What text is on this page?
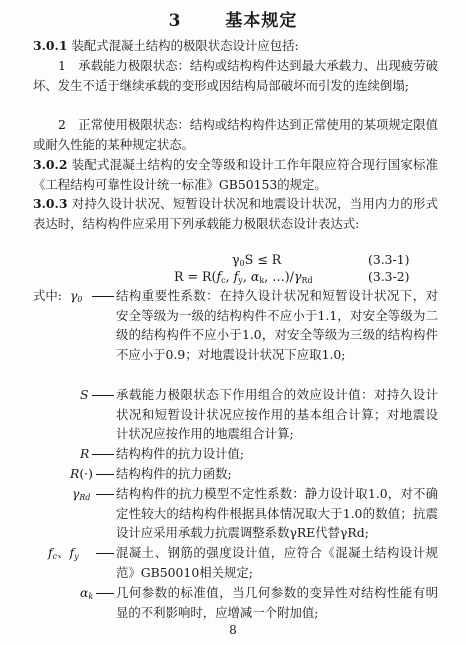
3	基本规定
3.0.1 装配式混凝土结构的极限状态设计应包括:
1　承载能力极限状态：结构或结构构件达到最大承载力、出现疲劳破坏、发生不适于继续承载的变形或因结构局部破坏而引发的连续倒塌;
2　正常使用极限状态：结构或结构构件达到正常使用的某项规定限值或耐久性能的某种规定状态。
3.0.2 装配式混凝土结构的安全等级和设计工作年限应符合现行国家标准《工程结构可靠性设计统一标准》GB50153的规定。
3.0.3 对持久设计状况、短暂设计状况和地震设计状况，当用内力的形式表达时，结构构件应采用下列承载能力极限状态设计表达式:
$\gamma_0S \le R$	(3.3-1)
$R = R(f_c$, $f_y$, $\alpha_k$, $\dots)/\gamma_{Rd}$	(3.3-2)
式中: $\gamma_0$	结构重要性系数：在持久设计状况和短暂设计状况下，对安全等级为一级的结构构件不应小于1.1，对安全等级为二级的结构构件不应小于1.0，对安全等级为三级的结构构件不应小于0.9；对地震设计状况下应取1.0;
S 承载能力极限状态下作用组合的效应设计值：对持久设计状况和短暂设计状况应按作用的基本组合计算；对地震设计状况应按作用的地震组合计算;
R 结构构件的抗力设计值;
R(·) 结构构件的抗力函数;
$\gamma_{Rd}$ 结构构件的抗力模型不定性系数：静力设计取1.0，对不确定性较大的结构构件根据具体情况取大于1.0的数值；抗震设计应采用承载力抗震调整系数γRE代替γRd;
$f_c$、$f_y$	混凝土、钢筋的强度设计值，应符合《混凝土结构设计规范》GB50010相关规定;
$\alpha_k$ 几何参数的标准值，当几何参数的变异性对结构性能有明显的不利影响时，应增减一个附加值;
8
